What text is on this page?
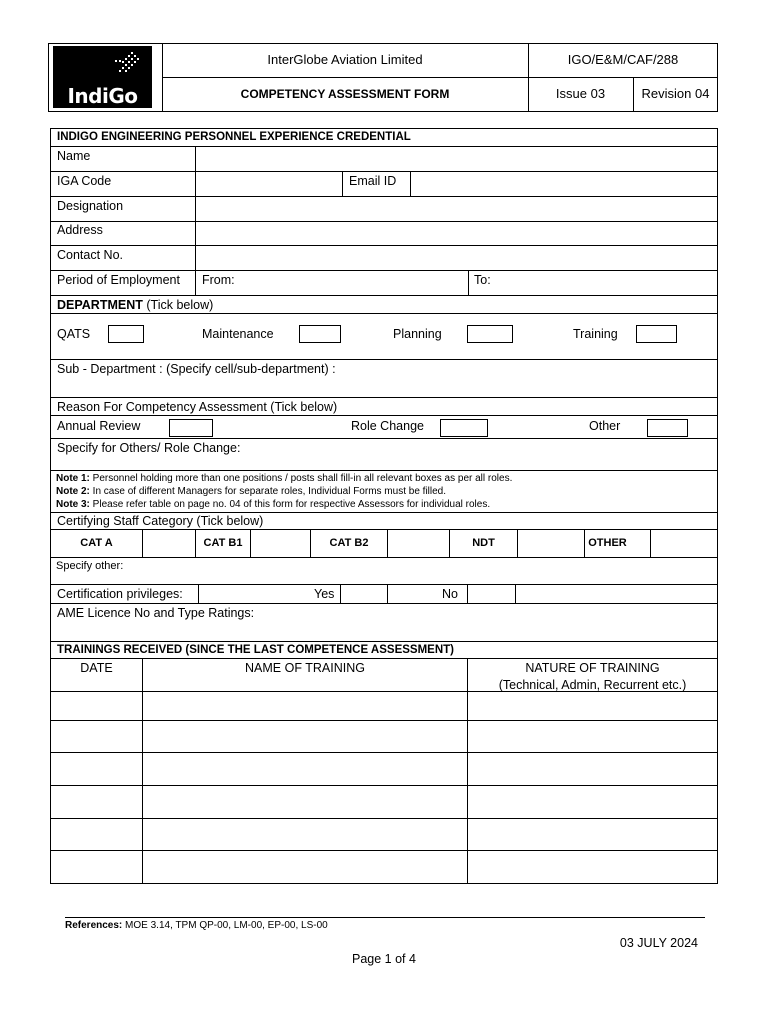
IndiGo
InterGlobe Aviation Limited	IGO/E&M/CAF/288
COMPETENCY ASSESSMENT FORM	Issue 03	Revision 04
INDIGO ENGINEERING PERSONNEL EXPERIENCE CREDENTIAL
Name
IGA Code	Email ID
Designation
Address
Contact No.
Period of Employment From:	To:
DEPARTMENT (Tick below)
QATS	Maintenance	Planning	Training
Sub - Department : (Specify cell/sub-department) :
Reason For Competency Assessment (Tick below)
Annual Review	Role Change	Other
Specify for Others/ Role Change:
Note 1: Personnel holding more than one positions / posts shall fill-in all relevant boxes as per all roles.
Note 2: In case of different Managers for separate roles, Individual Forms must be filled.
Note 3: Please refer table on page no. 04 of this form for respective Assessors for individual roles.
Certifying Staff Category (Tick below)
CAT A	CAT B1	CAT B2	NDT	OTHER
Specify other:
Certification privileges:	Yes	No
AME Licence No and Type Ratings:
TRAININGS RECEIVED (SINCE THE LAST COMPETENCE ASSESSMENT)
DATE	NAME OF TRAINING	NATURE OF TRAINING
(Technical, Admin, Recurrent etc.)
References: MOE 3.14, TPM QP-00, LM-00, EP-00, LS-00
03 JULY 2024
Page 1 of 4
